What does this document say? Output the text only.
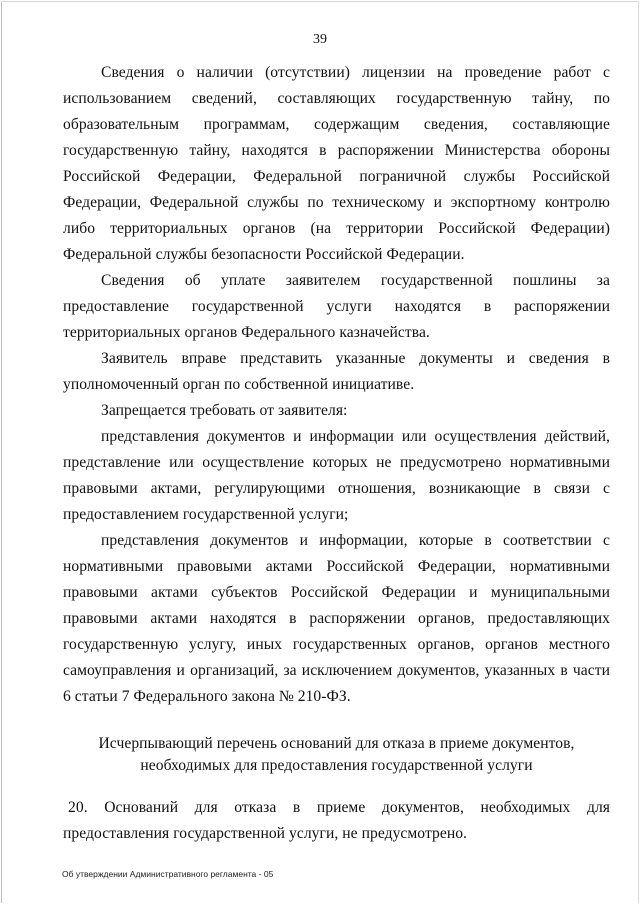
39

Сведения о наличии (отсутствии) лицензии на проведение работ с использованием сведений, составляющих государственную тайну, по образовательным программам, содержащим сведения, составляющие государственную тайну, находятся в распоряжении Министерства обороны Российской Федерации, Федеральной пограничной службы Российской Федерации, Федеральной службы по техническому и экспортному контролю либо территориальных органов (на территории Российской Федерации) Федеральной службы безопасности Российской Федерации.

Сведения об уплате заявителем государственной пошлины за предоставление государственной услуги находятся в распоряжении территориальных органов Федерального казначейства.

Заявитель вправе представить указанные документы и сведения в уполномоченный орган по собственной инициативе.

Запрещается требовать от заявителя:

представления документов и информации или осуществления действий, представление или осуществление которых не предусмотрено нормативными правовыми актами, регулирующими отношения, возникающие в связи с предоставлением государственной услуги;

представления документов и информации, которые в соответствии с нормативными правовыми актами Российской Федерации, нормативными правовыми актами субъектов Российской Федерации и муниципальными правовыми актами находятся в распоряжении органов, предоставляющих государственную услугу, иных государственных органов, органов местного самоуправления и организаций, за исключением документов, указанных в части 6 статьи 7 Федерального закона № 210-ФЗ.

Исчерпывающий перечень оснований для отказа в приеме документов, необходимых для предоставления государственной услуги

20. Оснований для отказа в приеме документов, необходимых для предоставления государственной услуги, не предусмотрено.

Об утверждении Административного регламента - 05
